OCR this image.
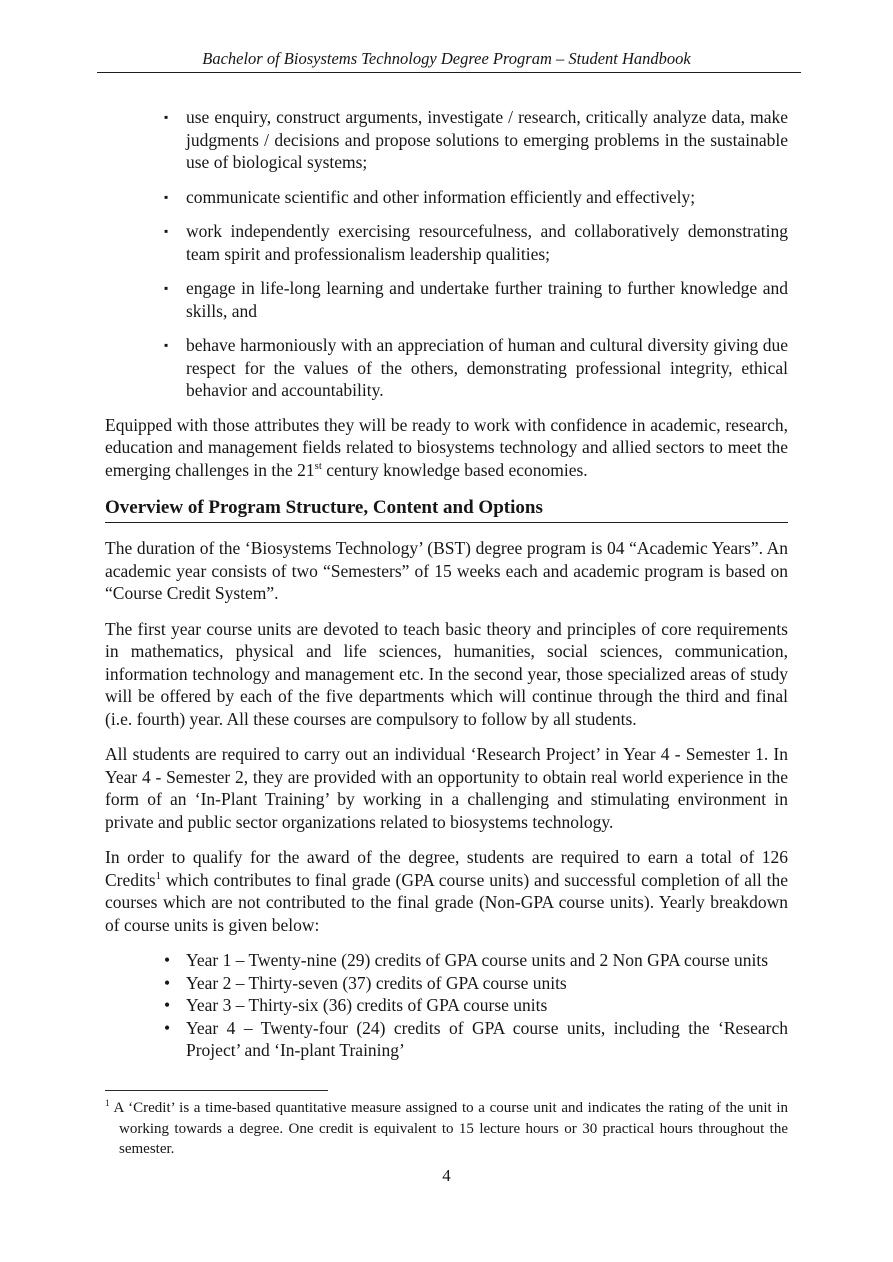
Bachelor of Biosystems Technology Degree Program – Student Handbook
▪	use enquiry, construct arguments, investigate / research, critically analyze data, make judgments / decisions and propose solutions to emerging problems in the sustainable use of biological systems;
▪	communicate scientific and other information efficiently and effectively;
▪	work independently exercising resourcefulness, and collaboratively demonstrating team spirit and professionalism leadership qualities;
▪	engage in life-long learning and undertake further training to further knowledge and skills, and
▪	behave harmoniously with an appreciation of human and cultural diversity giving due respect for the values of the others, demonstrating professional integrity, ethical behavior and accountability.

Equipped with those attributes they will be ready to work with confidence in academic, research, education and management fields related to biosystems technology and allied sectors to meet the emerging challenges in the 21st century knowledge based economies.

Overview of Program Structure, Content and Options

The duration of the ‘Biosystems Technology’ (BST) degree program is 04 “Academic Years”. An academic year consists of two “Semesters” of 15 weeks each and academic program is based on “Course Credit System”.

The first year course units are devoted to teach basic theory and principles of core requirements in mathematics, physical and life sciences, humanities, social sciences, communication, information technology and management etc. In the second year, those specialized areas of study will be offered by each of the five departments which will continue through the third and final (i.e. fourth) year. All these courses are compulsory to follow by all students.

All students are required to carry out an individual ‘Research Project’ in Year 4 - Semester 1. In Year 4 - Semester 2, they are provided with an opportunity to obtain real world experience in the form of an ‘In-Plant Training’ by working in a challenging and stimulating environment in private and public sector organizations related to biosystems technology.

In order to qualify for the award of the degree, students are required to earn a total of 126 Credits$^1$ which contributes to final grade (GPA course units) and successful completion of all the courses which are not contributed to the final grade (Non-GPA course units). Yearly breakdown of course units is given below:

• Year 1 – Twenty-nine (29) credits of GPA course units and 2 Non GPA course units
• Year 2 – Thirty-seven (37) credits of GPA course units
• Year 3 – Thirty-six (36) credits of GPA course units
• Year 4 – Twenty-four (24) credits of GPA course units, including the ‘Research Project’ and ‘In-plant Training’
$^1$ A ‘Credit’ is a time-based quantitative measure assigned to a course unit and indicates the rating of the unit in working towards a degree. One credit is equivalent to 15 lecture hours or 30 practical hours throughout the semester.
4
